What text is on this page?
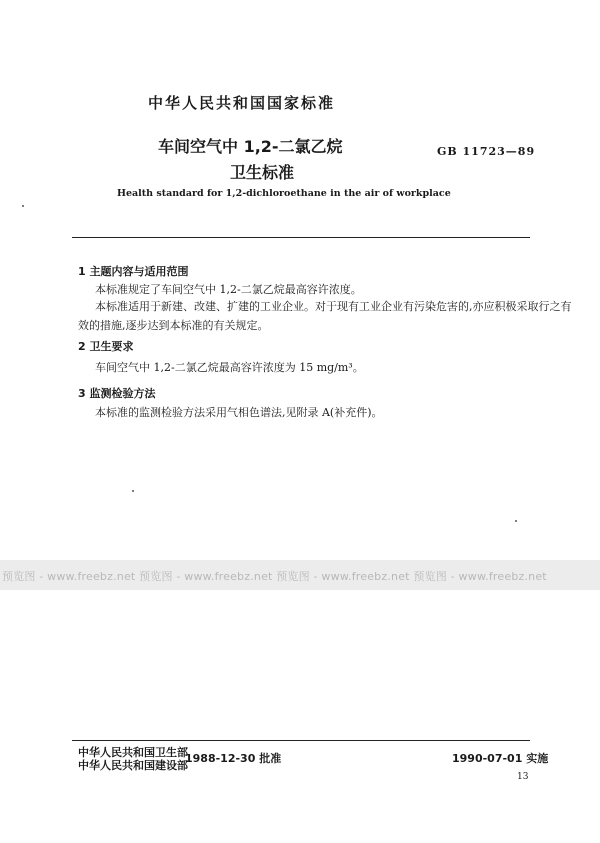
中华人民共和国国家标准
车间空气中 1,2-二氯乙烷
卫生标准
GB 11723—89
Health standard for 1,2-dichloroethane in the air of workplace
1 主题内容与适用范围
本标准规定了车间空气中 1,2-二氯乙烷最高容许浓度。
本标准适用于新建、改建、扩建的工业企业。对于现有工业企业有污染危害的,亦应积极采取行之有
效的措施,逐步达到本标准的有关规定。
2 卫生要求
车间空气中 1,2-二氯乙烷最高容许浓度为 15 mg/m³。
3 监测检验方法
本标准的监测检验方法采用气相色谱法,见附录 A(补充件)。
预览图 - www.freebz.net 预览图 - www.freebz.net 预览图 - www.freebz.net 预览图 - www.freebz.net
中华人民共和国卫生部
中华人民共和国建设部
1988-12-30 批准	1990-07-01 实施
13
